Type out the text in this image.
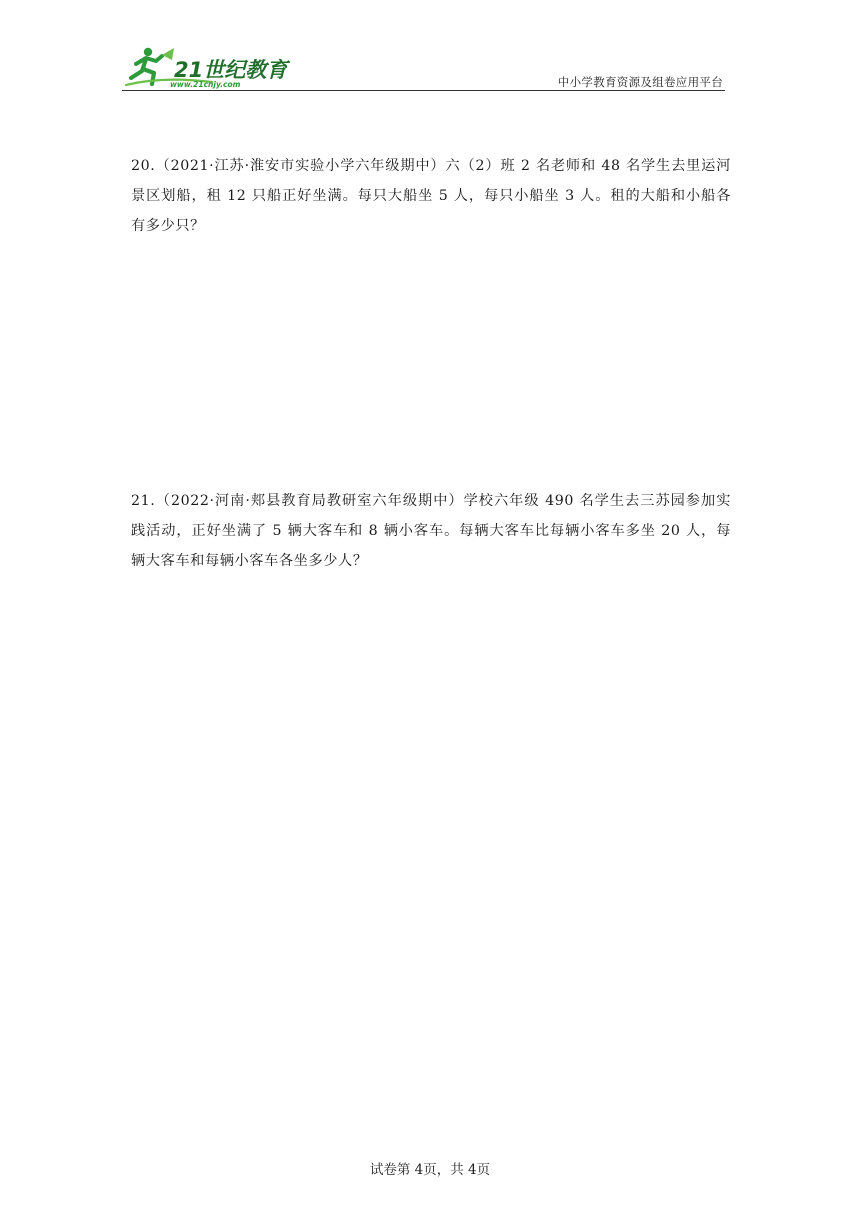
21世纪教育
www.21cnjy.com	中小学教育资源及组卷应用平台
20.（2021·江苏·淮安市实验小学六年级期中）六（2）班 2 名老师和 48 名学生去里运河景区划船，租 12 只船正好坐满。每只大船坐 5 人，每只小船坐 3 人。租的大船和小船各有多少只？
21.（2022·河南·郏县教育局教研室六年级期中）学校六年级 490 名学生去三苏园参加实践活动，正好坐满了 5 辆大客车和 8 辆小客车。每辆大客车比每辆小客车多坐 20 人，每辆大客车和每辆小客车各坐多少人？
试卷第 4页，共 4页
